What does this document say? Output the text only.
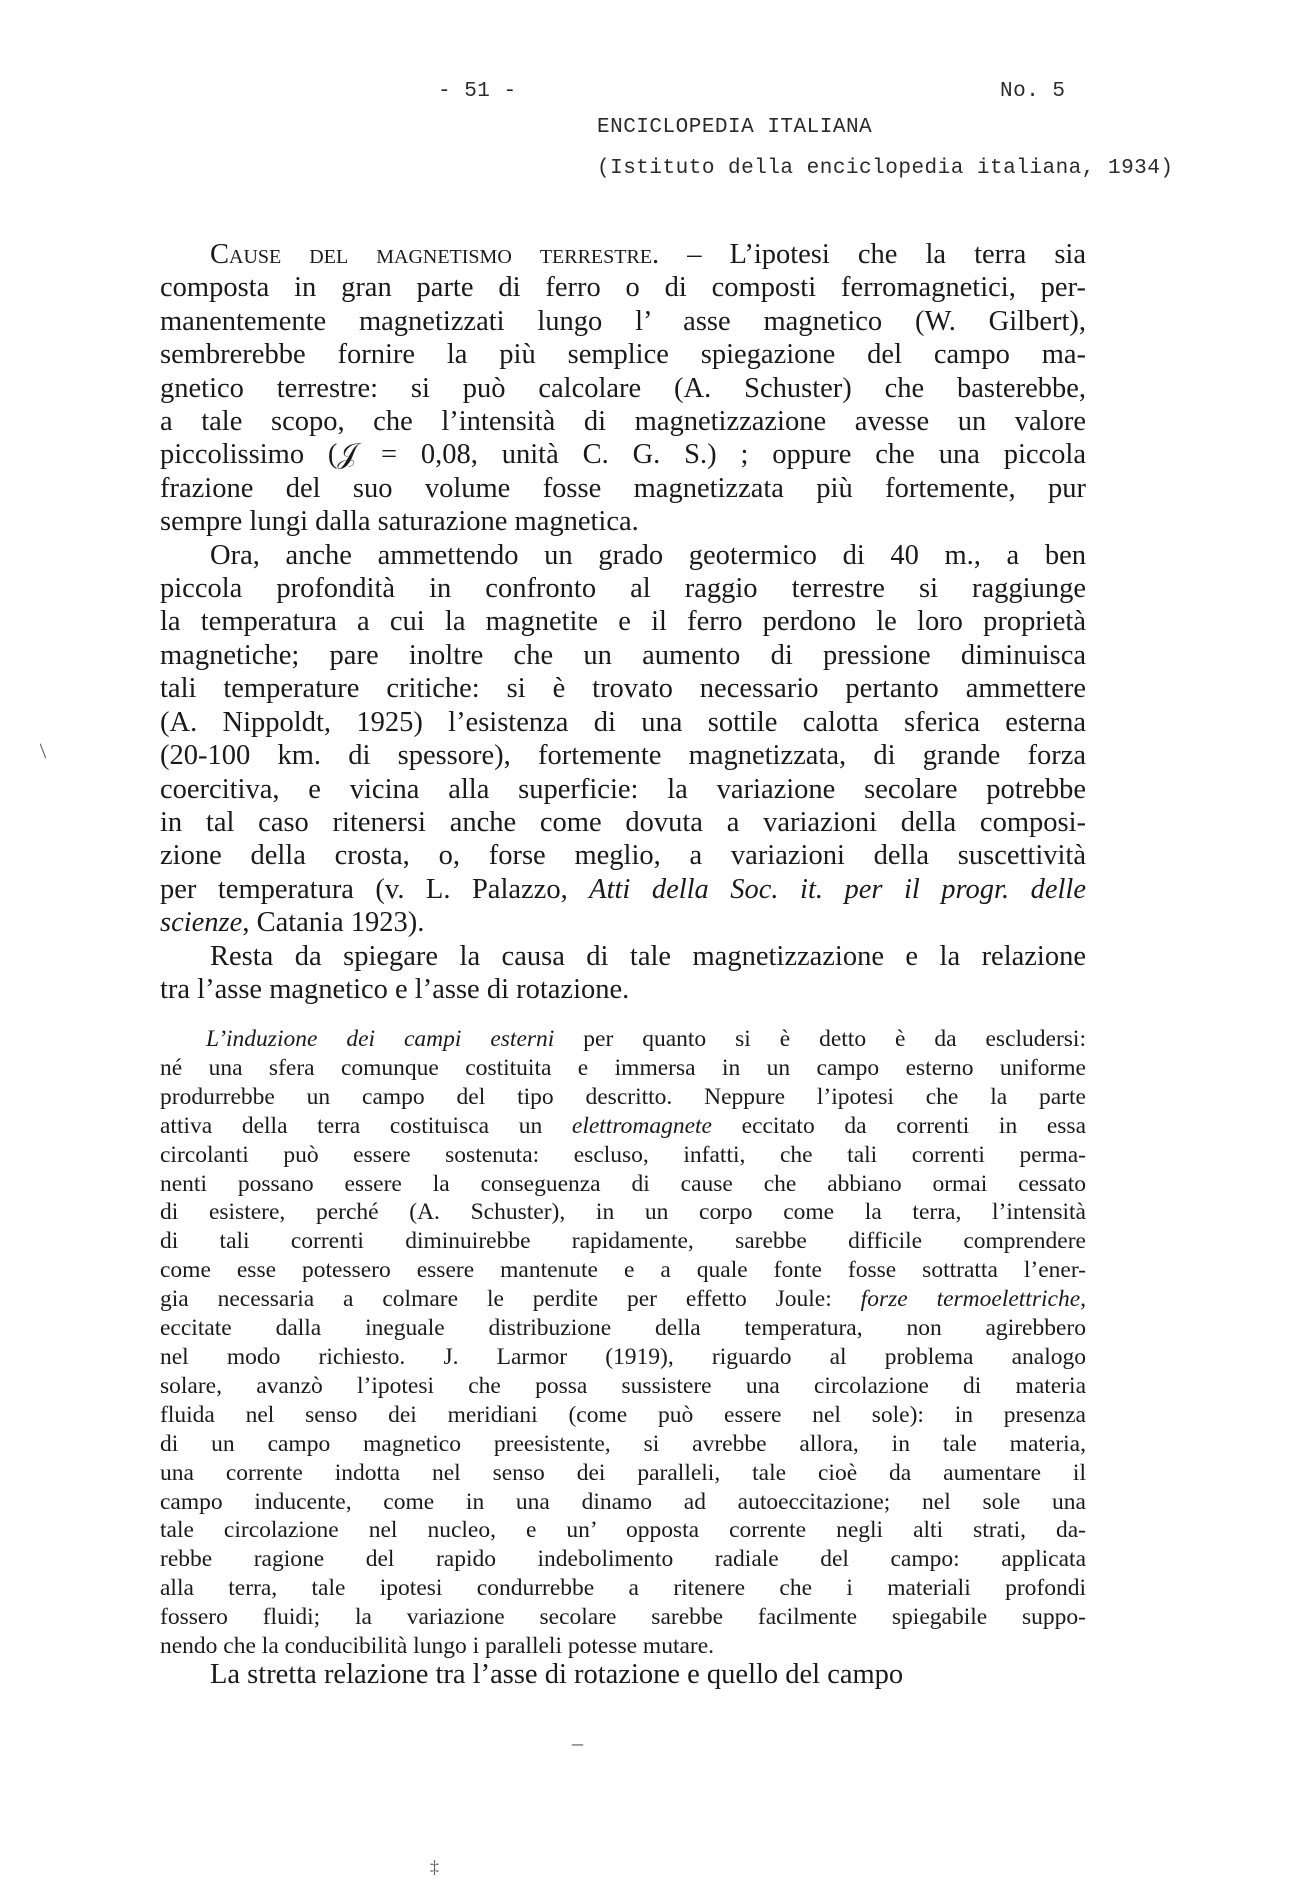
- 51 -	No. 5
ENCICLOPEDIA ITALIANA
(Istituto della enciclopedia italiana, 1934)
Cause del magnetismo terrestre. – L’ipotesi che la terra sia
composta in gran parte di ferro o di composti ferromagnetici, per-
manentemente magnetizzati lungo l’ asse magnetico (W. Gilbert),
sembrerebbe fornire la più semplice spiegazione del campo ma-
gnetico terrestre: si può calcolare (A. Schuster) che basterebbe,
a tale scopo, che l’intensità di magnetizzazione avesse un valore
piccolissimo (𝒥 = 0,08, unità C. G. S.) ; oppure che una piccola
frazione del suo volume fosse magnetizzata più fortemente, pur
sempre lungi dalla saturazione magnetica.
Ora, anche ammettendo un grado geotermico di 40 m., a ben
piccola profondità in confronto al raggio terrestre si raggiunge
la temperatura a cui la magnetite e il ferro perdono le loro proprietà
magnetiche; pare inoltre che un aumento di pressione diminuisca
tali temperature critiche: si è trovato necessario pertanto ammettere
(A. Nippoldt, 1925) l’esistenza di una sottile calotta sferica esterna
(20-100 km. di spessore), fortemente magnetizzata, di grande forza
coercitiva, e vicina alla superficie: la variazione secolare potrebbe
in tal caso ritenersi anche come dovuta a variazioni della composi-
zione della crosta, o, forse meglio, a variazioni della suscettività
per temperatura (v. L. Palazzo, Atti della Soc. it. per il progr. delle
scienze, Catania 1923).
Resta da spiegare la causa di tale magnetizzazione e la relazione
tra l’asse magnetico e l’asse di rotazione.
L’induzione dei campi esterni per quanto si è detto è da escludersi:
né una sfera comunque costituita e immersa in un campo esterno uniforme
produrrebbe un campo del tipo descritto. Neppure l’ipotesi che la parte
attiva della terra costituisca un elettromagnete eccitato da correnti in essa
circolanti può essere sostenuta: escluso, infatti, che tali correnti perma-
nenti possano essere la conseguenza di cause che abbiano ormai cessato
di esistere, perché (A. Schuster), in un corpo come la terra, l’intensità
di tali correnti diminuirebbe rapidamente, sarebbe difficile comprendere
come esse potessero essere mantenute e a quale fonte fosse sottratta l’ener-
gia necessaria a colmare le perdite per effetto Joule: forze termoelettriche,
eccitate dalla ineguale distribuzione della temperatura, non agirebbero
nel modo richiesto. J. Larmor (1919), riguardo al problema analogo
solare, avanzò l’ipotesi che possa sussistere una circolazione di materia
fluida nel senso dei meridiani (come può essere nel sole): in presenza
di un campo magnetico preesistente, si avrebbe allora, in tale materia,
una corrente indotta nel senso dei paralleli, tale cioè da aumentare il
campo inducente, come in una dinamo ad autoeccitazione; nel sole una
tale circolazione nel nucleo, e un’ opposta corrente negli alti strati, da-
rebbe ragione del rapido indebolimento radiale del campo: applicata
alla terra, tale ipotesi condurrebbe a ritenere che i materiali profondi
fossero fluidi; la variazione secolare sarebbe facilmente spiegabile suppo-
nendo che la conducibilità lungo i paralleli potesse mutare.
La stretta relazione tra l’asse di rotazione e quello del campo
/
–
‡
